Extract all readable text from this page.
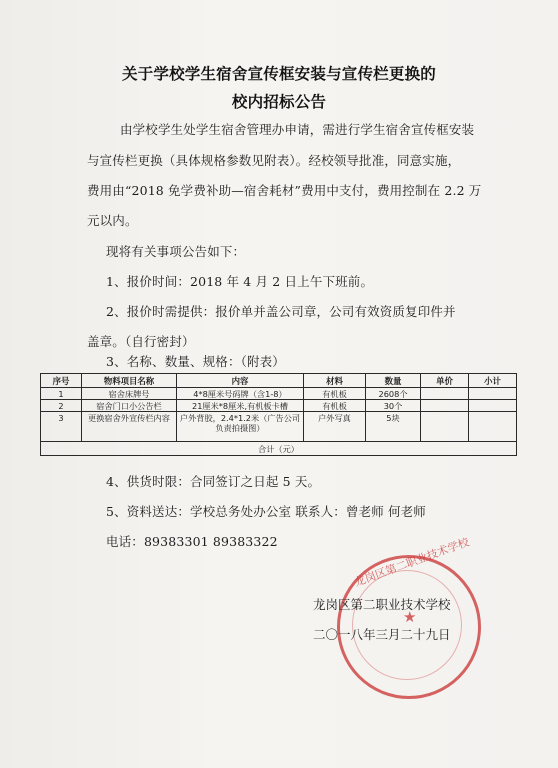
关于学校学生宿舍宣传框安装与宣传栏更换的
校内招标公告
由学校学生处学生宿舍管理办申请，需进行学生宿舍宣传框安装
与宣传栏更换（具体规格参数见附表）。经校领导批准，同意实施，
费用由“2018 免学费补助—宿舍耗材”费用中支付，费用控制在 2.2 万
元以内。
现将有关事项公告如下：
1、报价时间：2018 年 4 月 2 日上午下班前。
2、报价时需提供：报价单并盖公司章，公司有效资质复印件并
盖章。（自行密封）
3、名称、数量、规格：（附表）
序号	物料项目名称	内容	材料	数量	单价	小计
1	宿舍床牌号	4*8厘米号码牌（含1-8）	有机板	2608个		
2	宿舍门口小公告栏	21厘米*8厘米,有机板卡槽	有机板	30个		
3	更换宿舍外宣传栏内容	户外背胶，2.4*1.2米（广告公司负责拍摄图）	户外写真	5块		
合计（元）						
4、供货时限：合同签订之日起 5 天。
5、资料送达：学校总务处办公室 联系人：曾老师 何老师
电话：89383301 89383322	龙岗区第二职业技术学校
★
龙岗区第二职业技术学校
二〇一八年三月二十九日
